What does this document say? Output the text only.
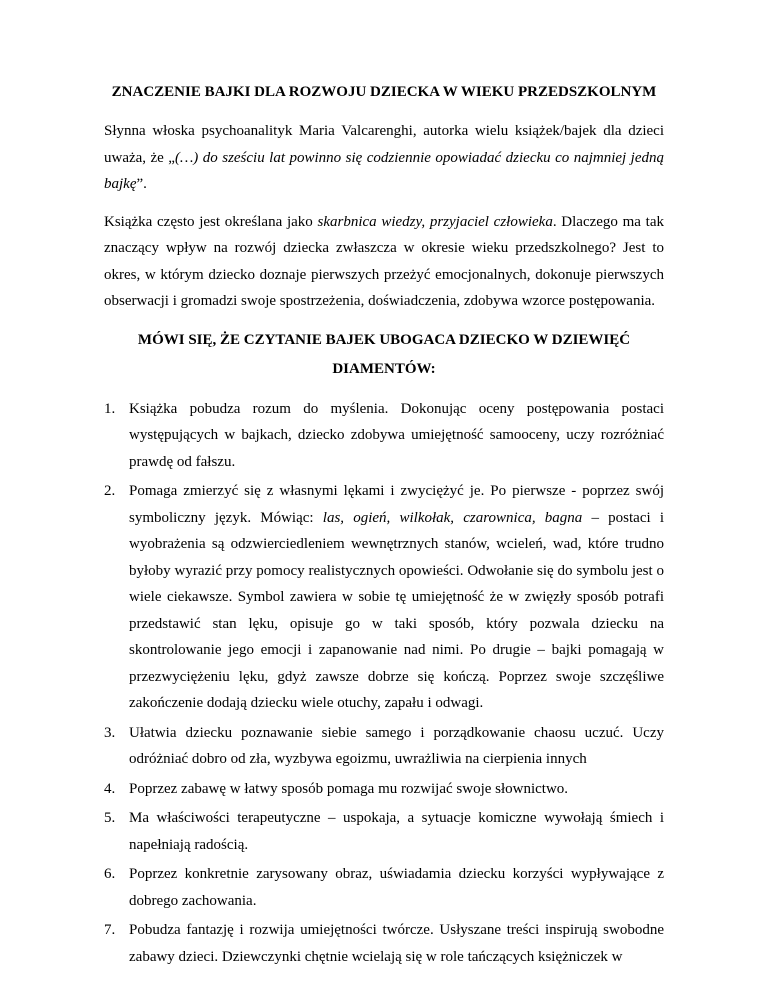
ZNACZENIE BAJKI DLA ROZWOJU DZIECKA W WIEKU PRZEDSZKOLNYM

Słynna włoska psychoanalityk Maria Valcarenghi, autorka wielu książek/bajek dla dzieci uważa, że „(…) do sześciu lat powinno się codziennie opowiadać dziecku co najmniej jedną bajkę”.

Książka często jest określana jako skarbnica wiedzy, przyjaciel człowieka. Dlaczego ma tak znaczący wpływ na rozwój dziecka zwłaszcza w okresie wieku przedszkolnego? Jest to okres, w którym dziecko doznaje pierwszych przeżyć emocjonalnych, dokonuje pierwszych obserwacji i gromadzi swoje spostrzeżenia, doświadczenia, zdobywa wzorce postępowania.

MÓWI SIĘ, ŻE CZYTANIE BAJEK UBOGACA DZIECKO W DZIEWIĘĆ DIAMENTÓW:
1. Książka pobudza rozum do myślenia. Dokonując oceny postępowania postaci występujących w bajkach, dziecko zdobywa umiejętność samooceny, uczy rozróżniać prawdę od fałszu.
2. Pomaga zmierzyć się z własnymi lękami i zwyciężyć je. Po pierwsze - poprzez swój symboliczny język. Mówiąc: las, ogień, wilkołak, czarownica, bagna – postaci i wyobrażenia są odzwierciedleniem wewnętrznych stanów, wcieleń, wad, które trudno byłoby wyrazić przy pomocy realistycznych opowieści. Odwołanie się do symbolu jest o wiele ciekawsze. Symbol zawiera w sobie tę umiejętność że w zwięzły sposób potrafi przedstawić stan lęku, opisuje go w taki sposób, który pozwala dziecku na skontrolowanie jego emocji i zapanowanie nad nimi. Po drugie – bajki pomagają w przezwyciężeniu lęku, gdyż zawsze dobrze się kończą. Poprzez swoje szczęśliwe zakończenie dodają dziecku wiele otuchy, zapału i odwagi.
3. Ułatwia dziecku poznawanie siebie samego i porządkowanie chaosu uczuć. Uczy odróżniać dobro od zła, wyzbywa egoizmu, uwrażliwia na cierpienia innych
4. Poprzez zabawę w łatwy sposób pomaga mu rozwijać swoje słownictwo.
5. Ma właściwości terapeutyczne – uspokaja, a sytuacje komiczne wywołają śmiech i napełniają radością.
6. Poprzez konkretnie zarysowany obraz, uświadamia dziecku korzyści wypływające z dobrego zachowania.
7. Pobudza fantazję i rozwija umiejętności twórcze. Usłyszane treści inspirują swobodne zabawy dzieci. Dziewczynki chętnie wcielają się w role tańczących księżniczek w
